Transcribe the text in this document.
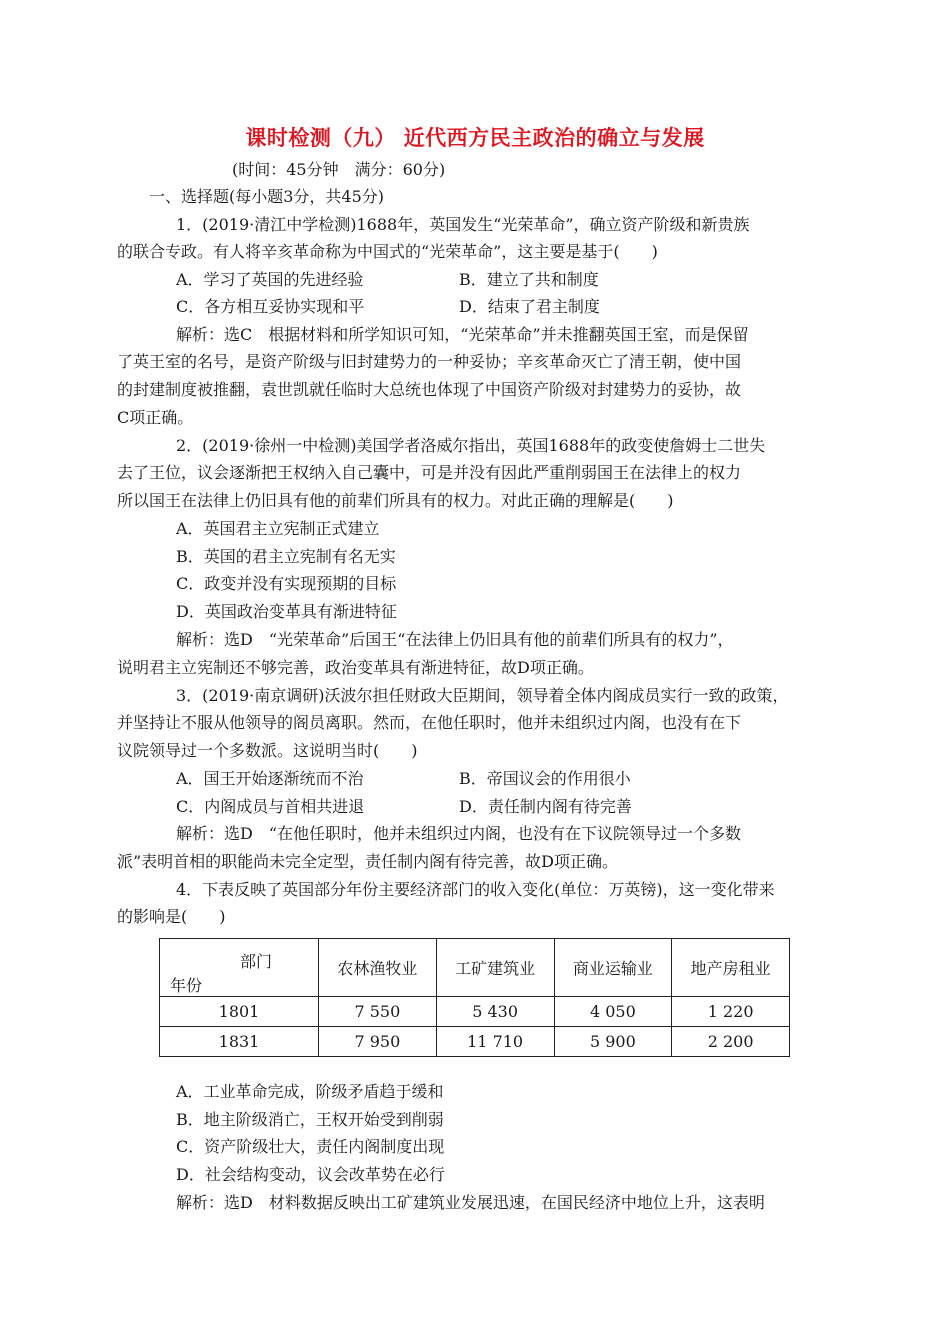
课时检测（九） 近代西方民主政治的确立与发展
(时间：45分钟　满分：60分)
一、选择题(每小题3分，共45分)
1．(2019·清江中学检测)1688年，英国发生“光荣革命”，确立资产阶级和新贵族
的联合专政。有人将辛亥革命称为中国式的“光荣革命”，这主要是基于(　　)
A．学习了英国的先进经验	B．建立了共和制度
C．各方相互妥协实现和平	D．结束了君主制度
解析：选C　根据材料和所学知识可知，“光荣革命”并未推翻英国王室，而是保留
了英王室的名号，是资产阶级与旧封建势力的一种妥协；辛亥革命灭亡了清王朝，使中国
的封建制度被推翻，袁世凯就任临时大总统也体现了中国资产阶级对封建势力的妥协，故
C项正确。
2．(2019·徐州一中检测)美国学者洛威尔指出，英国1688年的政变使詹姆士二世失
去了王位，议会逐渐把王权纳入自己囊中，可是并没有因此严重削弱国王在法律上的权力
所以国王在法律上仍旧具有他的前辈们所具有的权力。对此正确的理解是(　　)
A．英国君主立宪制正式建立
B．英国的君主立宪制有名无实
C．政变并没有实现预期的目标
D．英国政治变革具有渐进特征
解析：选D　“光荣革命”后国王“在法律上仍旧具有他的前辈们所具有的权力”，
说明君主立宪制还不够完善，政治变革具有渐进特征，故D项正确。
3．(2019·南京调研)沃波尔担任财政大臣期间，领导着全体内阁成员实行一致的政策，
并坚持让不服从他领导的阁员离职。然而，在他任职时，他并未组织过内阁，也没有在下
议院领导过一个多数派。这说明当时(　　)
A．国王开始逐渐统而不治	B．帝国议会的作用很小
C．内阁成员与首相共进退	D．责任制内阁有待完善
解析：选D　“在他任职时，他并未组织过内阁，也没有在下议院领导过一个多数
派”表明首相的职能尚未完全定型，责任制内阁有待完善，故D项正确。
4．下表反映了英国部分年份主要经济部门的收入变化(单位：万英镑)，这一变化带来
的影响是(　　)
部门
年份	农林渔牧业	工矿建筑业	商业运输业	地产房租业
1801	7 550	5 430	4 050	1 220
1831	7 950	11 710	5 900	2 200
A．工业革命完成，阶级矛盾趋于缓和
B．地主阶级消亡，王权开始受到削弱
C．资产阶级壮大，责任内阁制度出现
D．社会结构变动，议会改革势在必行
解析：选D　材料数据反映出工矿建筑业发展迅速，在国民经济中地位上升，这表明
